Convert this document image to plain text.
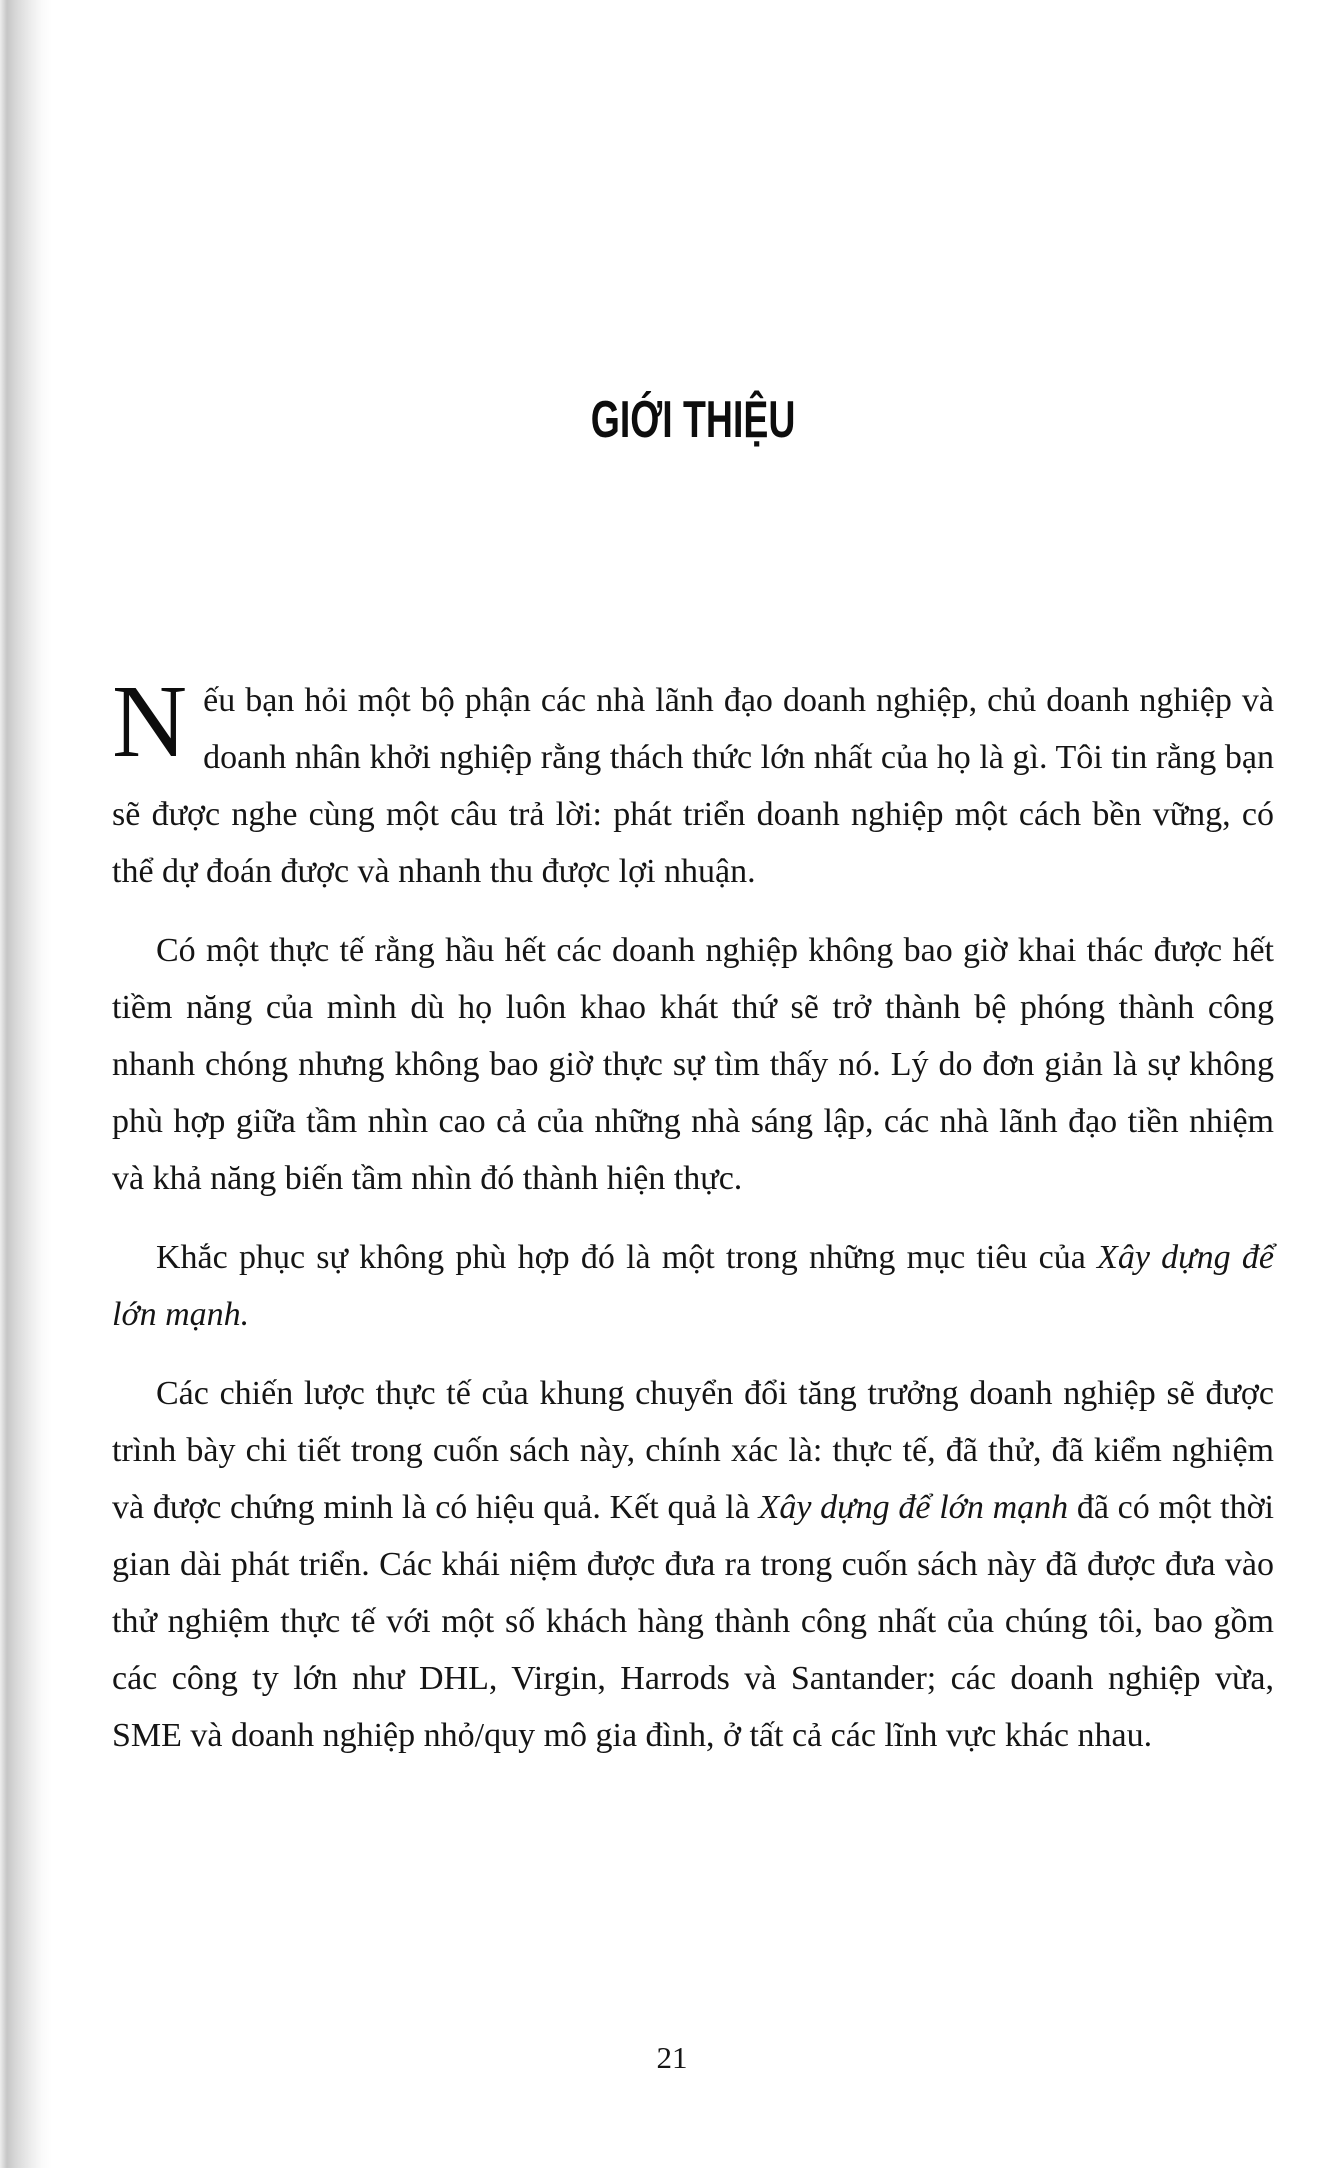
GIỚI THIỆU

Nếu bạn hỏi một bộ phận các nhà lãnh đạo doanh nghiệp, chủ doanh nghiệp và doanh nhân khởi nghiệp rằng thách thức lớn nhất của họ là gì. Tôi tin rằng bạn sẽ được nghe cùng một câu trả lời: phát triển doanh nghiệp một cách bền vững, có thể dự đoán được và nhanh thu được lợi nhuận.

Có một thực tế rằng hầu hết các doanh nghiệp không bao giờ khai thác được hết tiềm năng của mình dù họ luôn khao khát thứ sẽ trở thành bệ phóng thành công nhanh chóng nhưng không bao giờ thực sự tìm thấy nó. Lý do đơn giản là sự không phù hợp giữa tầm nhìn cao cả của những nhà sáng lập, các nhà lãnh đạo tiền nhiệm và khả năng biến tầm nhìn đó thành hiện thực.

Khắc phục sự không phù hợp đó là một trong những mục tiêu của Xây dựng để lớn mạnh.

Các chiến lược thực tế của khung chuyển đổi tăng trưởng doanh nghiệp sẽ được trình bày chi tiết trong cuốn sách này, chính xác là: thực tế, đã thử, đã kiểm nghiệm và được chứng minh là có hiệu quả. Kết quả là Xây dựng để lớn mạnh đã có một thời gian dài phát triển. Các khái niệm được đưa ra trong cuốn sách này đã được đưa vào thử nghiệm thực tế với một số khách hàng thành công nhất của chúng tôi, bao gồm các công ty lớn như DHL, Virgin, Harrods và Santander; các doanh nghiệp vừa, SME và doanh nghiệp nhỏ/quy mô gia đình, ở tất cả các lĩnh vực khác nhau.

21
